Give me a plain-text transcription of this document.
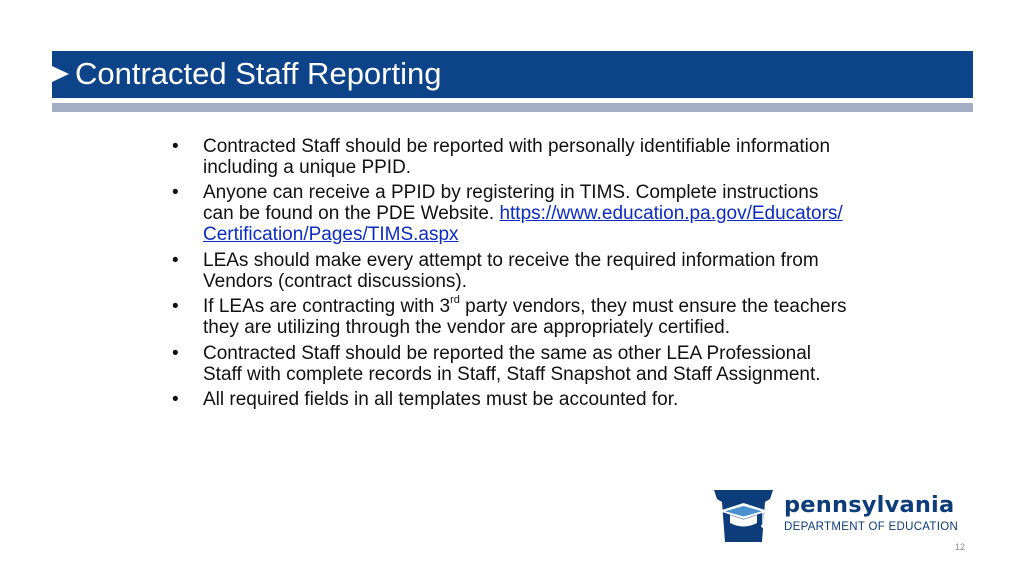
Contracted Staff Reporting
• Contracted Staff should be reported with personally identifiable information including a unique PPID.
• Anyone can receive a PPID by registering in TIMS. Complete instructions can be found on the PDE Website. https://www.education.pa.gov/Educators/Certification/Pages/TIMS.aspx
• LEAs should make every attempt to receive the required information from Vendors (contract discussions).
• If LEAs are contracting with 3rd party vendors, they must ensure the teachers they are utilizing through the vendor are appropriately certified.
• Contracted Staff should be reported the same as other LEA Professional Staff with complete records in Staff, Staff Snapshot and Staff Assignment.
• All required fields in all templates must be accounted for.
pennsylvania
DEPARTMENT OF EDUCATION
12
